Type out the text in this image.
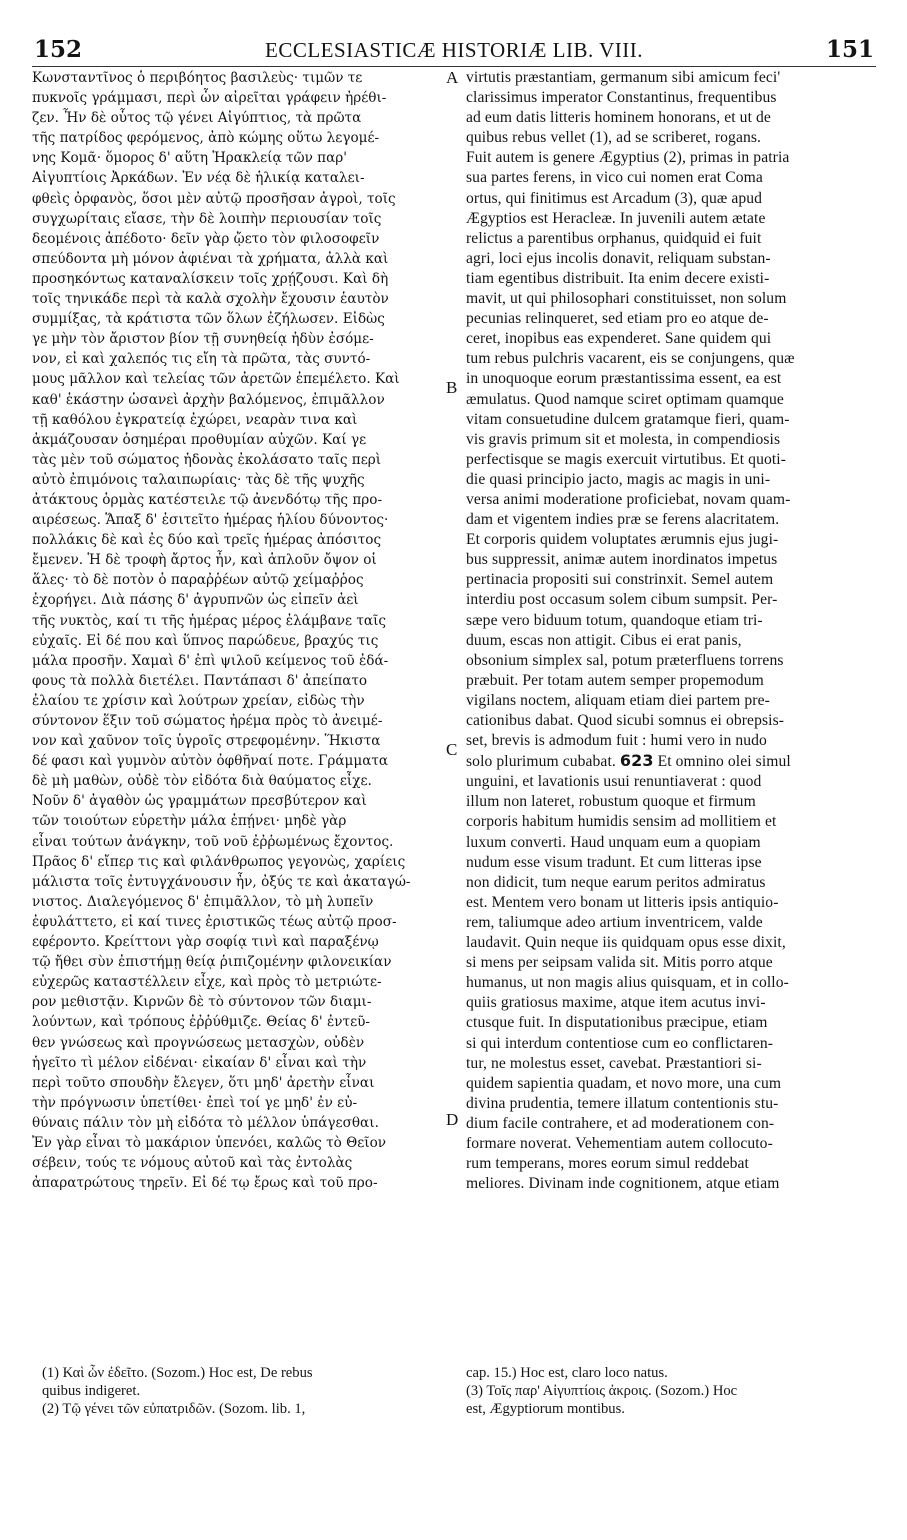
152	ECCLESIASTICÆ HISTORIÆ LIB. VIII.	151

Κωνσταντῖνος ὁ περιβόητος βασιλεὺς· τιμῶν τε

πυκνοῖς γράμμασι, περὶ ὧν αἰρεῖται γράφειν ἠρέθι-

ζεν. Ἦν δὲ οὗτος τῷ γένει Αἰγύπτιος, τὰ πρῶτα

τῆς πατρίδος φερόμενος, ἀπὸ κώμης οὕτω λεγομέ-

νης Κομᾶ· ὅμορος δ' αὕτη Ἡρακλείᾳ τῶν παρ'

Αἰγυπτίοις Ἀρκάδων. Ἐν νέᾳ δὲ ἡλικίᾳ καταλει-

φθεὶς ὀρφανὸς, ὅσοι μὲν αὐτῷ προσῆσαν ἀγροὶ, τοῖς

συγχωρίταις εἴασε, τὴν δὲ λοιπὴν περιουσίαν τοῖς

δεομένοις ἀπέδοτο· δεῖν γὰρ ᾤετο τὸν φιλοσοφεῖν

σπεύδοντα μὴ μόνον ἀφιέναι τὰ χρήματα, ἀλλὰ καὶ

προσηκόντως καταναλίσκειν τοῖς χρῄζουσι. Καὶ δὴ

τοῖς τηνικάδε περὶ τὰ καλὰ σχολὴν ἔχουσιν ἑαυτὸν

συμμίξας, τὰ κράτιστα τῶν ὅλων ἐζήλωσεν. Εἰδὼς

γε μὴν τὸν ἄριστον βίον τῇ συνηθείᾳ ἡδὺν ἐσόμε-

νον, εἰ καὶ χαλεπός τις εἴη τὰ πρῶτα, τὰς συντό-

μους μᾶλλον καὶ τελείας τῶν ἀρετῶν ἐπεμέλετο. Καὶ

καθ' ἑκάστην ὡσανεὶ ἀρχὴν βαλόμενος, ἐπιμᾶλλον

τῇ καθόλου ἐγκρατείᾳ ἐχώρει, νεαρὰν τινα καὶ

ἀκμάζουσαν ὁσημέραι προθυμίαν αὐχῶν. Καί γε

τὰς μὲν τοῦ σώματος ἡδονὰς ἐκολάσατο ταῖς περὶ

αὐτὸ ἐπιμόνοις ταλαιπωρίαις· τὰς δὲ τῆς ψυχῆς

ἀτάκτους ὁρμὰς κατέστειλε τῷ ἀνενδότῳ τῆς προ-

αιρέσεως. Ἅπαξ δ' ἐσιτεῖτο ἡμέρας ἡλίου δύνοντος·

πολλάκις δὲ καὶ ἐς δύο καὶ τρεῖς ἡμέρας ἀπόσιτος

ἔμενεν. Ἡ δὲ τροφὴ ἄρτος ἦν, καὶ ἁπλοῦν ὄψον οἱ

ἅλες· τὸ δὲ ποτὸν ὁ παραῤῥέων αὐτῷ χείμαῤῥος

ἐχορήγει. Διὰ πάσης δ' ἀγρυπνῶν ὡς εἰπεῖν ἀεὶ

τῆς νυκτὸς, καί τι τῆς ἡμέρας μέρος ἐλάμβανε ταῖς

εὐχαῖς. Εἰ δέ που καὶ ὕπνος παρώδευε, βραχύς τις

μάλα προσῆν. Χαμαὶ δ' ἐπὶ ψιλοῦ κείμενος τοῦ ἐδά-

φους τὰ πολλὰ διετέλει. Παντάπασι δ' ἀπείπατο

ἐλαίου τε χρίσιν καὶ λούτρων χρείαν, εἰδὼς τὴν

σύντονον ἕξιν τοῦ σώματος ἠρέμα πρὸς τὸ ἀνειμέ-

νον καὶ χαῦνον τοῖς ὑγροῖς στρεφομένην. Ἥκιστα

δέ φασι καὶ γυμνὸν αὐτὸν ὀφθῆναί ποτε. Γράμματα

δὲ μὴ μαθὼν, οὐδὲ τὸν εἰδότα διὰ θαύματος εἶχε.

Νοῦν δ' ἀγαθὸν ὡς γραμμάτων πρεσβύτερον καὶ

τῶν τοιούτων εὑρετὴν μάλα ἐπῄνει· μηδὲ γὰρ

εἶναι τούτων ἀνάγκην, τοῦ νοῦ ἐῤῥωμένως ἔχοντος.

Πρᾶος δ' εἴπερ τις καὶ φιλάνθρωπος γεγονὼς, χαρίεις

μάλιστα τοῖς ἐντυγχάνουσιν ἦν, ὀξύς τε καὶ ἀκαταγώ-

νιστος. Διαλεγόμενος δ' ἐπιμᾶλλον, τὸ μὴ λυπεῖν

ἐφυλάττετο, εἰ καί τινες ἐριστικῶς τέως αὐτῷ προσ-

εφέροντο. Κρείττονι γὰρ σοφίᾳ τινὶ καὶ παραξένῳ

τῷ ἤθει σὺν ἐπιστήμῃ θείᾳ ῥιπιζομένην φιλονεικίαν

εὐχερῶς καταστέλλειν εἶχε, καὶ πρὸς τὸ μετριώτε-

ρον μεθιστᾷν. Κιρνῶν δὲ τὸ σύντονον τῶν διαμι-

λούντων, καὶ τρόπους ἐῤῥύθμιζε. Θείας δ' ἐντεῦ-

θεν γνώσεως καὶ προγνώσεως μετασχὼν, οὐδὲν

ἡγεῖτο τὶ μέλον εἰδέναι· εἰκαίαν δ' εἶναι καὶ τὴν

περὶ τοῦτο σπουδὴν ἔλεγεν, ὅτι μηδ' ἀρετὴν εἶναι

τὴν πρόγνωσιν ὑπετίθει· ἐπεὶ τοί γε μηδ' ἐν εὐ-

θύναις πάλιν τὸν μὴ εἰδότα τὸ μέλλον ὑπάγεσθαι.

Ἐν γὰρ εἶναι τὸ μακάριον ὑπενόει, καλῶς τὸ Θεῖον

σέβειν, τούς τε νόμους αὐτοῦ καὶ τὰς ἐντολὰς

ἀπαρατρώτους τηρεῖν. Εἰ δέ τῳ ἔρως καὶ τοῦ προ-

A
B
C
D

virtutis præstantiam, germanum sibi amicum feci'

clarissimus imperator Constantinus, frequentibus

ad eum datis litteris hominem honorans, et ut de

quibus rebus vellet (1), ad se scriberet, rogans.

Fuit autem is genere Ægyptius (2), primas in patria

sua partes ferens, in vico cui nomen erat Coma

ortus, qui finitimus est Arcadum (3), quæ apud

Ægyptios est Heracleæ. In juvenili autem ætate

relictus a parentibus orphanus, quidquid ei fuit

agri, loci ejus incolis donavit, reliquam substan-

tiam egentibus distribuit. Ita enim decere existi-

mavit, ut qui philosophari constituisset, non solum

pecunias relinqueret, sed etiam pro eo atque de-

ceret, inopibus eas expenderet. Sane quidem qui

tum rebus pulchris vacarent, eis se conjungens, quæ

in unoquoque eorum præstantissima essent, ea est

æmulatus. Quod namque sciret optimam quamque

vitam consuetudine dulcem gratamque fieri, quam-

vis gravis primum sit et molesta, in compendiosis

perfectisque se magis exercuit virtutibus. Et quoti-

die quasi principio jacto, magis ac magis in uni-

versa animi moderatione proficiebat, novam quam-

dam et vigentem indies præ se ferens alacritatem.

Et corporis quidem voluptates ærumnis ejus jugi-

bus suppressit, animæ autem inordinatos impetus

pertinacia propositi sui constrinxit. Semel autem

interdiu post occasum solem cibum sumpsit. Per-

sæpe vero biduum totum, quandoque etiam tri-

duum, escas non attigit. Cibus ei erat panis,

obsonium simplex sal, potum præterfluens torrens

præbuit. Per totam autem semper propemodum

vigilans noctem, aliquam etiam diei partem pre-

cationibus dabat. Quod sicubi somnus ei obrepsis-

set, brevis is admodum fuit : humi vero in nudo

solo plurimum cubabat. 623 Et omnino olei simul

unguini, et lavationis usui renuntiaverat : quod

illum non lateret, robustum quoque et firmum

corporis habitum humidis sensim ad mollitiem et

luxum converti. Haud unquam eum a quopiam

nudum esse visum tradunt. Et cum litteras ipse

non didicit, tum neque earum peritos admiratus

est. Mentem vero bonam ut litteris ipsis antiquio-

rem, taliumque adeo artium inventricem, valde

laudavit. Quin neque iis quidquam opus esse dixit,

si mens per seipsam valida sit. Mitis porro atque

humanus, ut non magis alius quisquam, et in collo-

quiis gratiosus maxime, atque item acutus invi-

ctusque fuit. In disputationibus præcipue, etiam

si qui interdum contentiose cum eo conflictaren-

tur, ne molestus esset, cavebat. Præstantiori si-

quidem sapientia quadam, et novo more, una cum

divina prudentia, temere illatum contentionis stu-

dium facile contrahere, et ad moderationem con-

formare noverat. Vehementiam autem collocuto-

rum temperans, mores eorum simul reddebat

meliores. Divinam inde cognitionem, atque etiam

(1) Καὶ ὧν ἐδεῖτο. (Sozom.) Hoc est, De rebus

quibus indigeret.

(2) Τῷ γένει τῶν εὐπατριδῶν. (Sozom. lib. 1,

cap. 15.) Hoc est, claro loco natus.

(3) Τοῖς παρ' Αἰγυπτίοις ἀκροις. (Sozom.) Hoc

est, Ægyptiorum montibus.
